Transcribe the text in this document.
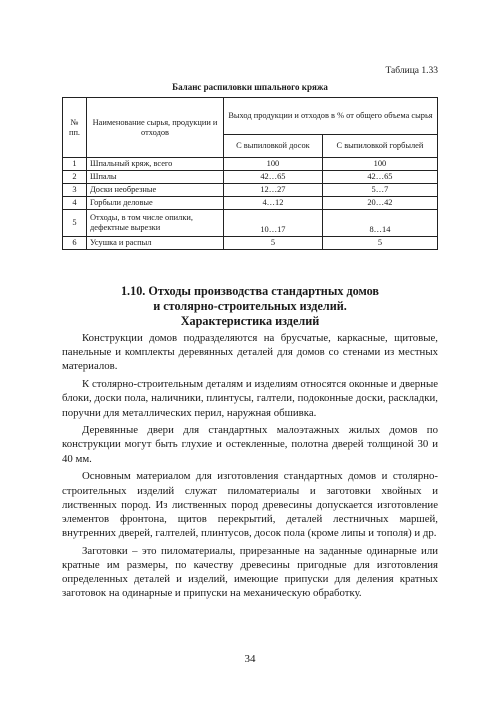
Таблица 1.33
Баланс распиловки шпального кряжа
№ пп.	Наименование сырья, продукции и отходов	Выход продукции и отходов в % от общего объема сырья	
		С выпиловкой досок	С выпиловкой горбылей
1	Шпальный кряж, всего	100	100
2	Шпалы	42…65	42…65
3	Доски необрезные	12…27	5…7
4	Горбыли деловые	4…12	20…42
5	Отходы, в том числе опилки, дефектные вырезки	10…17	8…14
6	Усушка и распыл	5	5
1.10. Отходы производства стандартных домов
и столярно-строительных изделий.
Характеристика изделий

Конструкции домов подразделяются на брусчатые, каркасные, щитовые, панельные и комплекты деревянных деталей для домов со стенами из местных материалов.

К столярно-строительным деталям и изделиям относятся оконные и дверные блоки, доски пола, наличники, плинтусы, галтели, подоконные доски, раскладки, поручни для металлических перил, наружная обшивка.

Деревянные двери для стандартных малоэтажных жилых домов по конструкции могут быть глухие и остекленные, полотна дверей толщиной 30 и 40 мм.

Основным материалом для изготовления стандартных домов и столярно-строительных изделий служат пиломатериалы и заготовки хвойных и лиственных пород. Из лиственных пород древесины допускается изготовление элементов фронтона, щитов перекрытий, деталей лестничных маршей, внутренних дверей, галтелей, плинтусов, досок пола (кроме липы и тополя) и др.

Заготовки – это пиломатериалы, прирезанные на заданные одинарные или кратные им размеры, по качеству древесины пригодные для изготовления определенных деталей и изделий, имеющие припуски для деления кратных заготовок на одинарные и припуски на механическую обработку.

34
